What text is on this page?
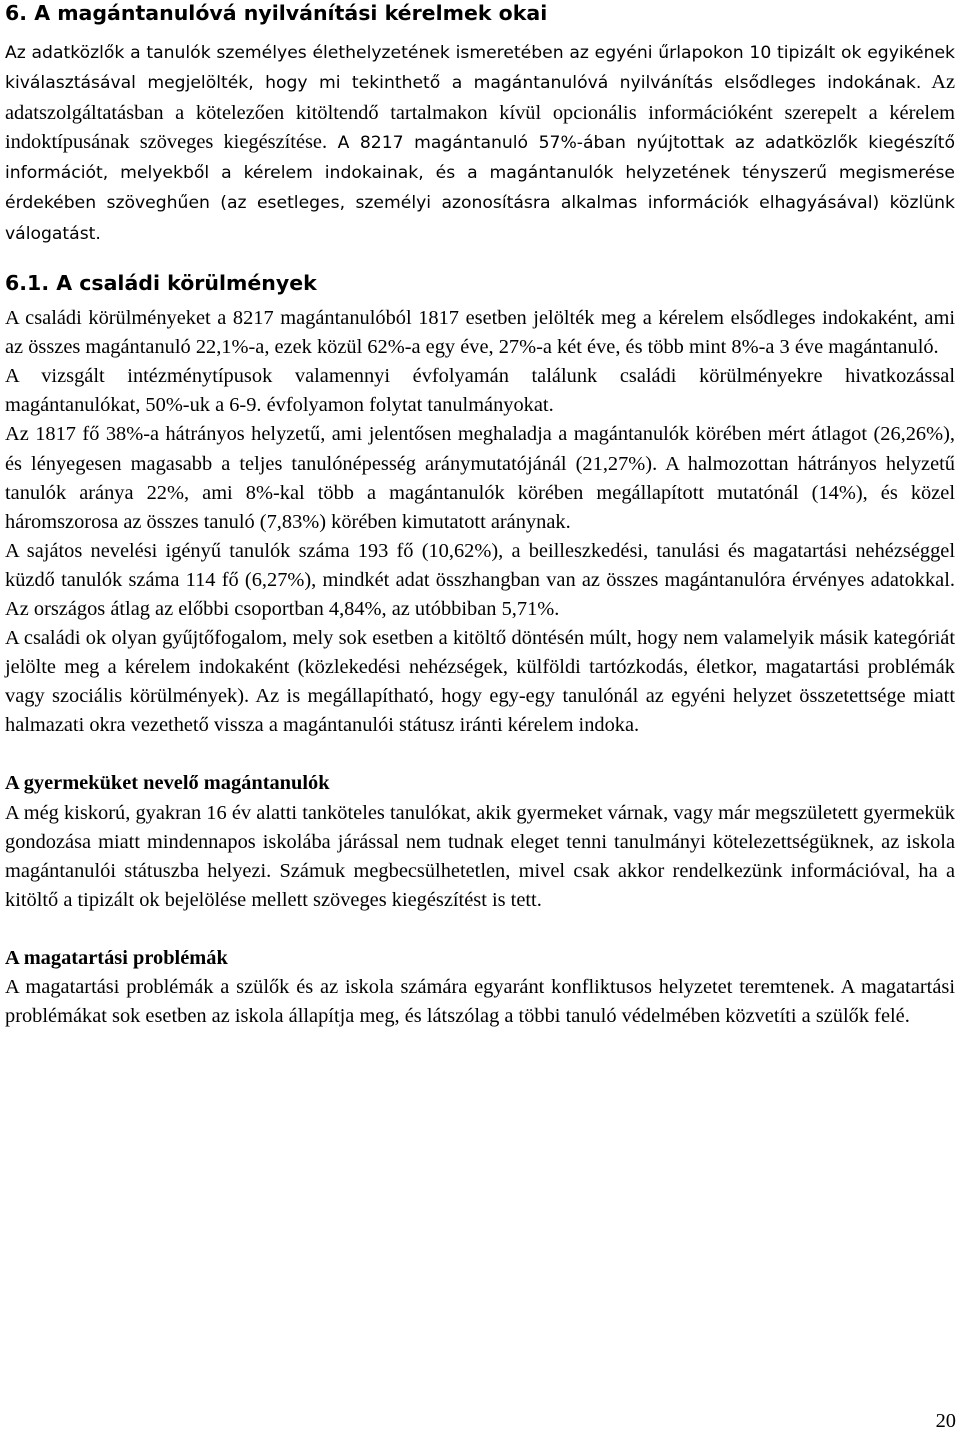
6. A magántanulóvá nyilvánítási kérelmek okai

Az adatközlők a tanulók személyes élethelyzetének ismeretében az egyéni űrlapokon 10 tipizált ok egyikének kiválasztásával megjelölték, hogy mi tekinthető a magántanulóvá nyilvánítás elsődleges indokának. Az adatszolgáltatásban a kötelezően kitöltendő tartalmakon kívül opcionális információként szerepelt a kérelem indoktípusának szöveges kiegészítése. A 8217 magántanuló 57%-ában nyújtottak az adatközlők kiegészítő információt, melyekből a kérelem indokainak, és a magántanulók helyzetének tényszerű megismerése érdekében szöveghűen (az esetleges, személyi azonosításra alkalmas információk elhagyásával) közlünk válogatást.

6.1. A családi körülmények

A családi körülményeket a 8217 magántanulóból 1817 esetben jelölték meg a kérelem elsődleges indokaként, ami az összes magántanuló 22,1%-a, ezek közül 62%-a egy éve, 27%-a két éve, és több mint 8%-a 3 éve magántanuló.

A vizsgált intézménytípusok valamennyi évfolyamán találunk családi körülményekre hivatkozással magántanulókat, 50%-uk a 6-9. évfolyamon folytat tanulmányokat.

Az 1817 fő 38%-a hátrányos helyzetű, ami jelentősen meghaladja a magántanulók körében mért átlagot (26,26%), és lényegesen magasabb a teljes tanulónépesség aránymutatójánál (21,27%). A halmozottan hátrányos helyzetű tanulók aránya 22%, ami 8%-kal több a magántanulók körében megállapított mutatónál (14%), és közel háromszorosa az összes tanuló (7,83%) körében kimutatott aránynak.

A sajátos nevelési igényű tanulók száma 193 fő (10,62%), a beilleszkedési, tanulási és magatartási nehézséggel küzdő tanulók száma 114 fő (6,27%), mindkét adat összhangban van az összes magántanulóra érvényes adatokkal. Az országos átlag az előbbi csoportban 4,84%, az utóbbiban 5,71%.

A családi ok olyan gyűjtőfogalom, mely sok esetben a kitöltő döntésén múlt, hogy nem valamelyik másik kategóriát jelölte meg a kérelem indokaként (közlekedési nehézségek, külföldi tartózkodás, életkor, magatartási problémák vagy szociális körülmények). Az is megállapítható, hogy egy-egy tanulónál az egyéni helyzet összetettsége miatt halmazati okra vezethető vissza a magántanulói státusz iránti kérelem indoka.

A gyermeküket nevelő magántanulók

A még kiskorú, gyakran 16 év alatti tanköteles tanulókat, akik gyermeket várnak, vagy már megszületett gyermekük gondozása miatt mindennapos iskolába járással nem tudnak eleget tenni tanulmányi kötelezettségüknek, az iskola magántanulói státuszba helyezi. Számuk megbecsülhetetlen, mivel csak akkor rendelkezünk információval, ha a kitöltő a tipizált ok bejelölése mellett szöveges kiegészítést is tett.

A magatartási problémák

A magatartási problémák a szülők és az iskola számára egyaránt konfliktusos helyzetet teremtenek. A magatartási problémákat sok esetben az iskola állapítja meg, és látszólag a többi tanuló védelmében közvetíti a szülők felé.

20
